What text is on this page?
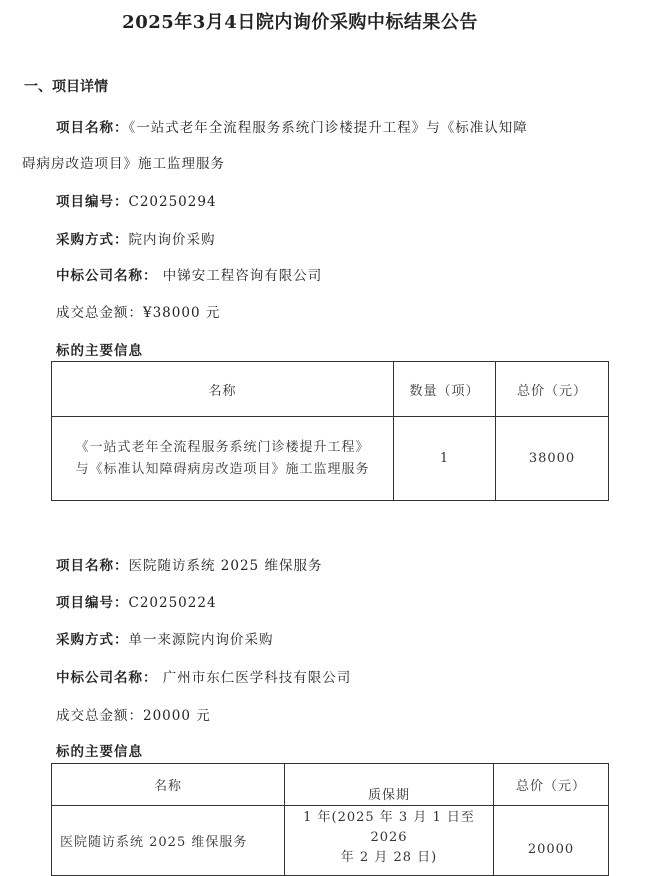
2025年3月4日院内询价采购中标结果公告
一、项目详情
项目名称：《一站式老年全流程服务系统门诊楼提升工程》与《标准认知障
碍病房改造项目》施工监理服务
项目编号：C20250294
采购方式：院内询价采购
中标公司名称： 中锑安工程咨询有限公司
成交总金额：¥38000 元
标的主要信息
名称	数量（项）	总价（元）

《一站式老年全流程服务系统门诊楼提升工程》
与《标准认知障碍病房改造项目》施工监理服务	1	38000
项目名称：医院随访系统 2025 维保服务
项目编号：C20250224
采购方式：单一来源院内询价采购
中标公司名称： 广州市东仁医学科技有限公司
成交总金额：20000 元
标的主要信息
名称	质保期	总价（元）
医院随访系统 2025 维保服务	1 年(2025 年 3 月 1 日至 2026
年 2 月 28 日)	20000
